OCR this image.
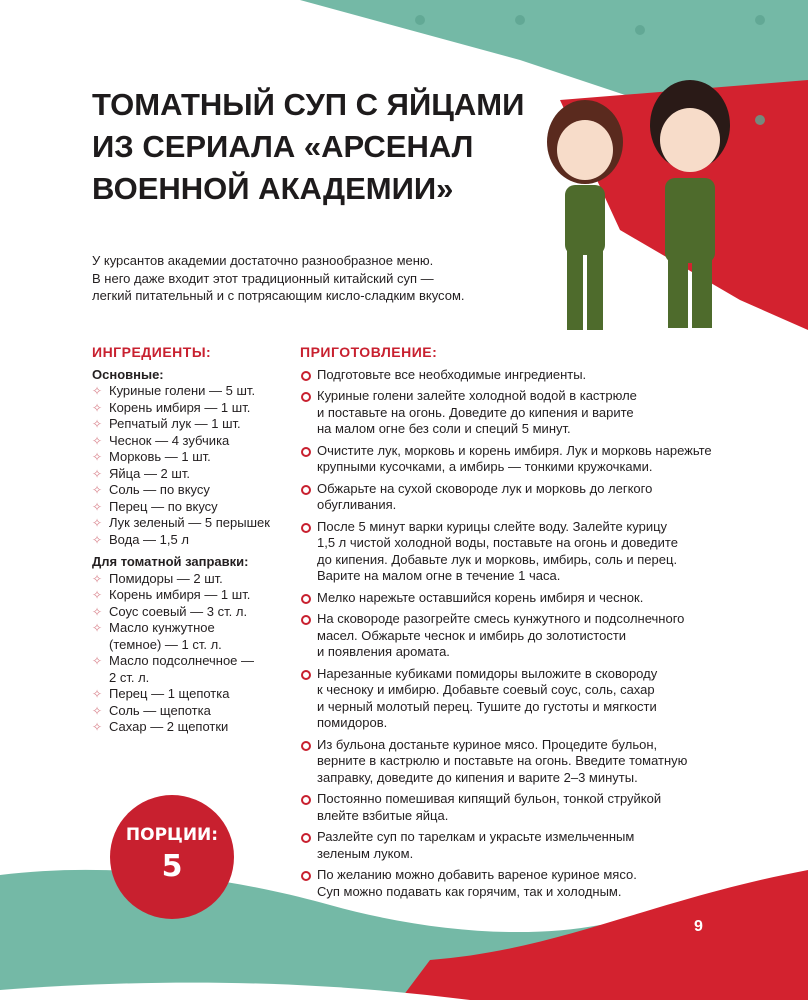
ТОМАТНЫЙ СУП С ЯЙЦАМИ
ИЗ СЕРИАЛА «АРСЕНАЛ
ВОЕННОЙ АКАДЕМИИ»
У курсантов академии достаточно разнообразное меню.
В него даже входит этот традиционный китайский суп —
легкий питательный и с потрясающим кисло-сладким вкусом.
ИНГРЕДИЕНТЫ:
Основные:
✧ Куриные голени — 5 шт.
✧ Корень имбиря — 1 шт.
✧ Репчатый лук — 1 шт.
✧ Чеснок — 4 зубчика
✧ Морковь — 1 шт.
✧ Яйца — 2 шт.
✧ Соль — по вкусу
✧ Перец — по вкусу
✧ Лук зеленый — 5 перышек
✧ Вода — 1,5 л
Для томатной заправки:
✧ Помидоры — 2 шт.
✧ Корень имбиря — 1 шт.
✧ Соус соевый — 3 ст. л.
✧ Масло кунжутное
(темное) — 1 ст. л.
✧ Масло подсолнечное —
2 ст. л.
✧ Перец — 1 щепотка
✧ Соль — щепотка
✧ Сахар — 2 щепотки
ПРИГОТОВЛЕНИЕ:
Подготовьте все необходимые ингредиенты.
Куриные голени залейте холодной водой в кастрюле
и поставьте на огонь. Доведите до кипения и варите
на малом огне без соли и специй 5 минут.
Очистите лук, морковь и корень имбиря. Лук и морковь нарежьте
крупными кусочками, а имбирь — тонкими кружочками.
Обжарьте на сухой сковороде лук и морковь до легкого
обугливания.
После 5 минут варки курицы слейте воду. Залейте курицу
1,5 л чистой холодной воды, поставьте на огонь и доведите
до кипения. Добавьте лук и морковь, имбирь, соль и перец.
Варите на малом огне в течение 1 часа.
Мелко нарежьте оставшийся корень имбиря и чеснок.
На сковороде разогрейте смесь кунжутного и подсолнечного
масел. Обжарьте чеснок и имбирь до золотистости
и появления аромата.
Нарезанные кубиками помидоры выложите в сковороду
к чесноку и имбирю. Добавьте соевый соус, соль, сахар
и черный молотый перец. Тушите до густоты и мягкости
помидоров.
Из бульона достаньте куриное мясо. Процедите бульон,
верните в кастрюлю и поставьте на огонь. Введите томатную
заправку, доведите до кипения и варите 2–3 минуты.
Постоянно помешивая кипящий бульон, тонкой струйкой
влейте взбитые яйца.
Разлейте суп по тарелкам и украсьте измельченным
зеленым луком.
По желанию можно добавить вареное куриное мясо.
Суп можно подавать как горячим, так и холодным.
ПОРЦИИ:
5
9
